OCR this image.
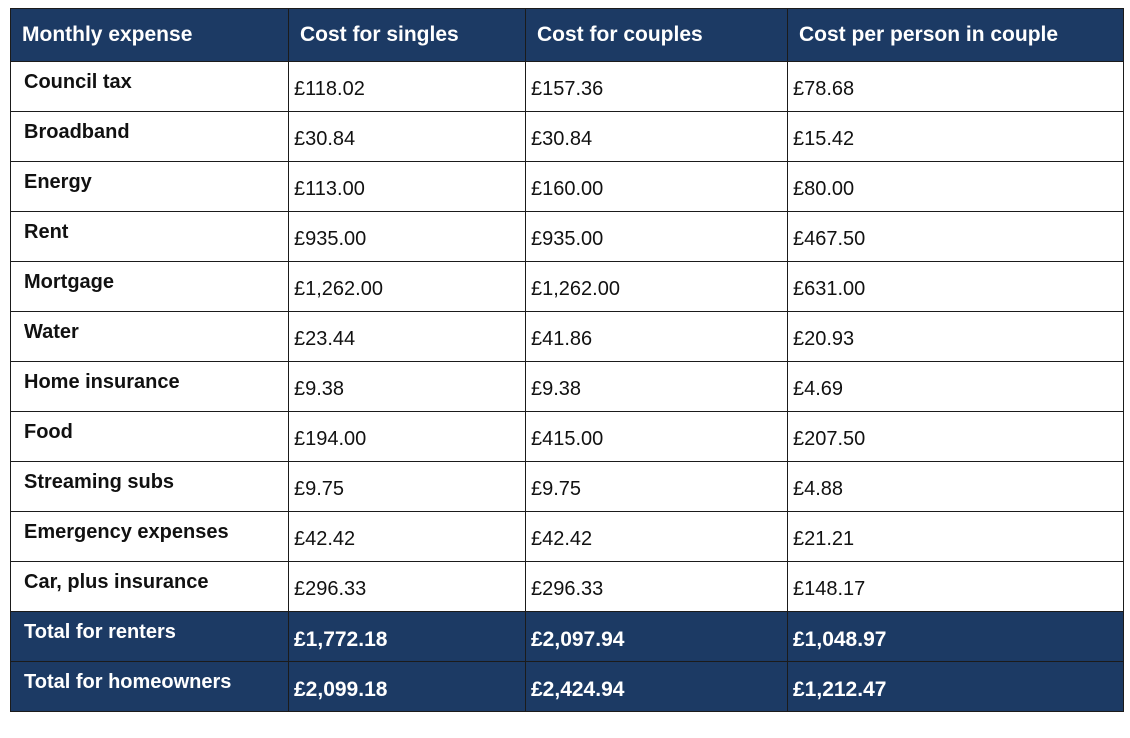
Monthly expense	Cost for singles	Cost for couples	Cost per person in couple
Council tax	£118.02	£157.36	£78.68
Broadband	£30.84	£30.84	£15.42
Energy	£113.00	£160.00	£80.00
Rent	£935.00	£935.00	£467.50
Mortgage	£1,262.00	£1,262.00	£631.00
Water	£23.44	£41.86	£20.93
Home insurance	£9.38	£9.38	£4.69
Food	£194.00	£415.00	£207.50
Streaming subs	£9.75	£9.75	£4.88
Emergency expenses	£42.42	£42.42	£21.21
Car, plus insurance	£296.33	£296.33	£148.17
Total for renters	£1,772.18	£2,097.94	£1,048.97
Total for homeowners	£2,099.18	£2,424.94	£1,212.47
